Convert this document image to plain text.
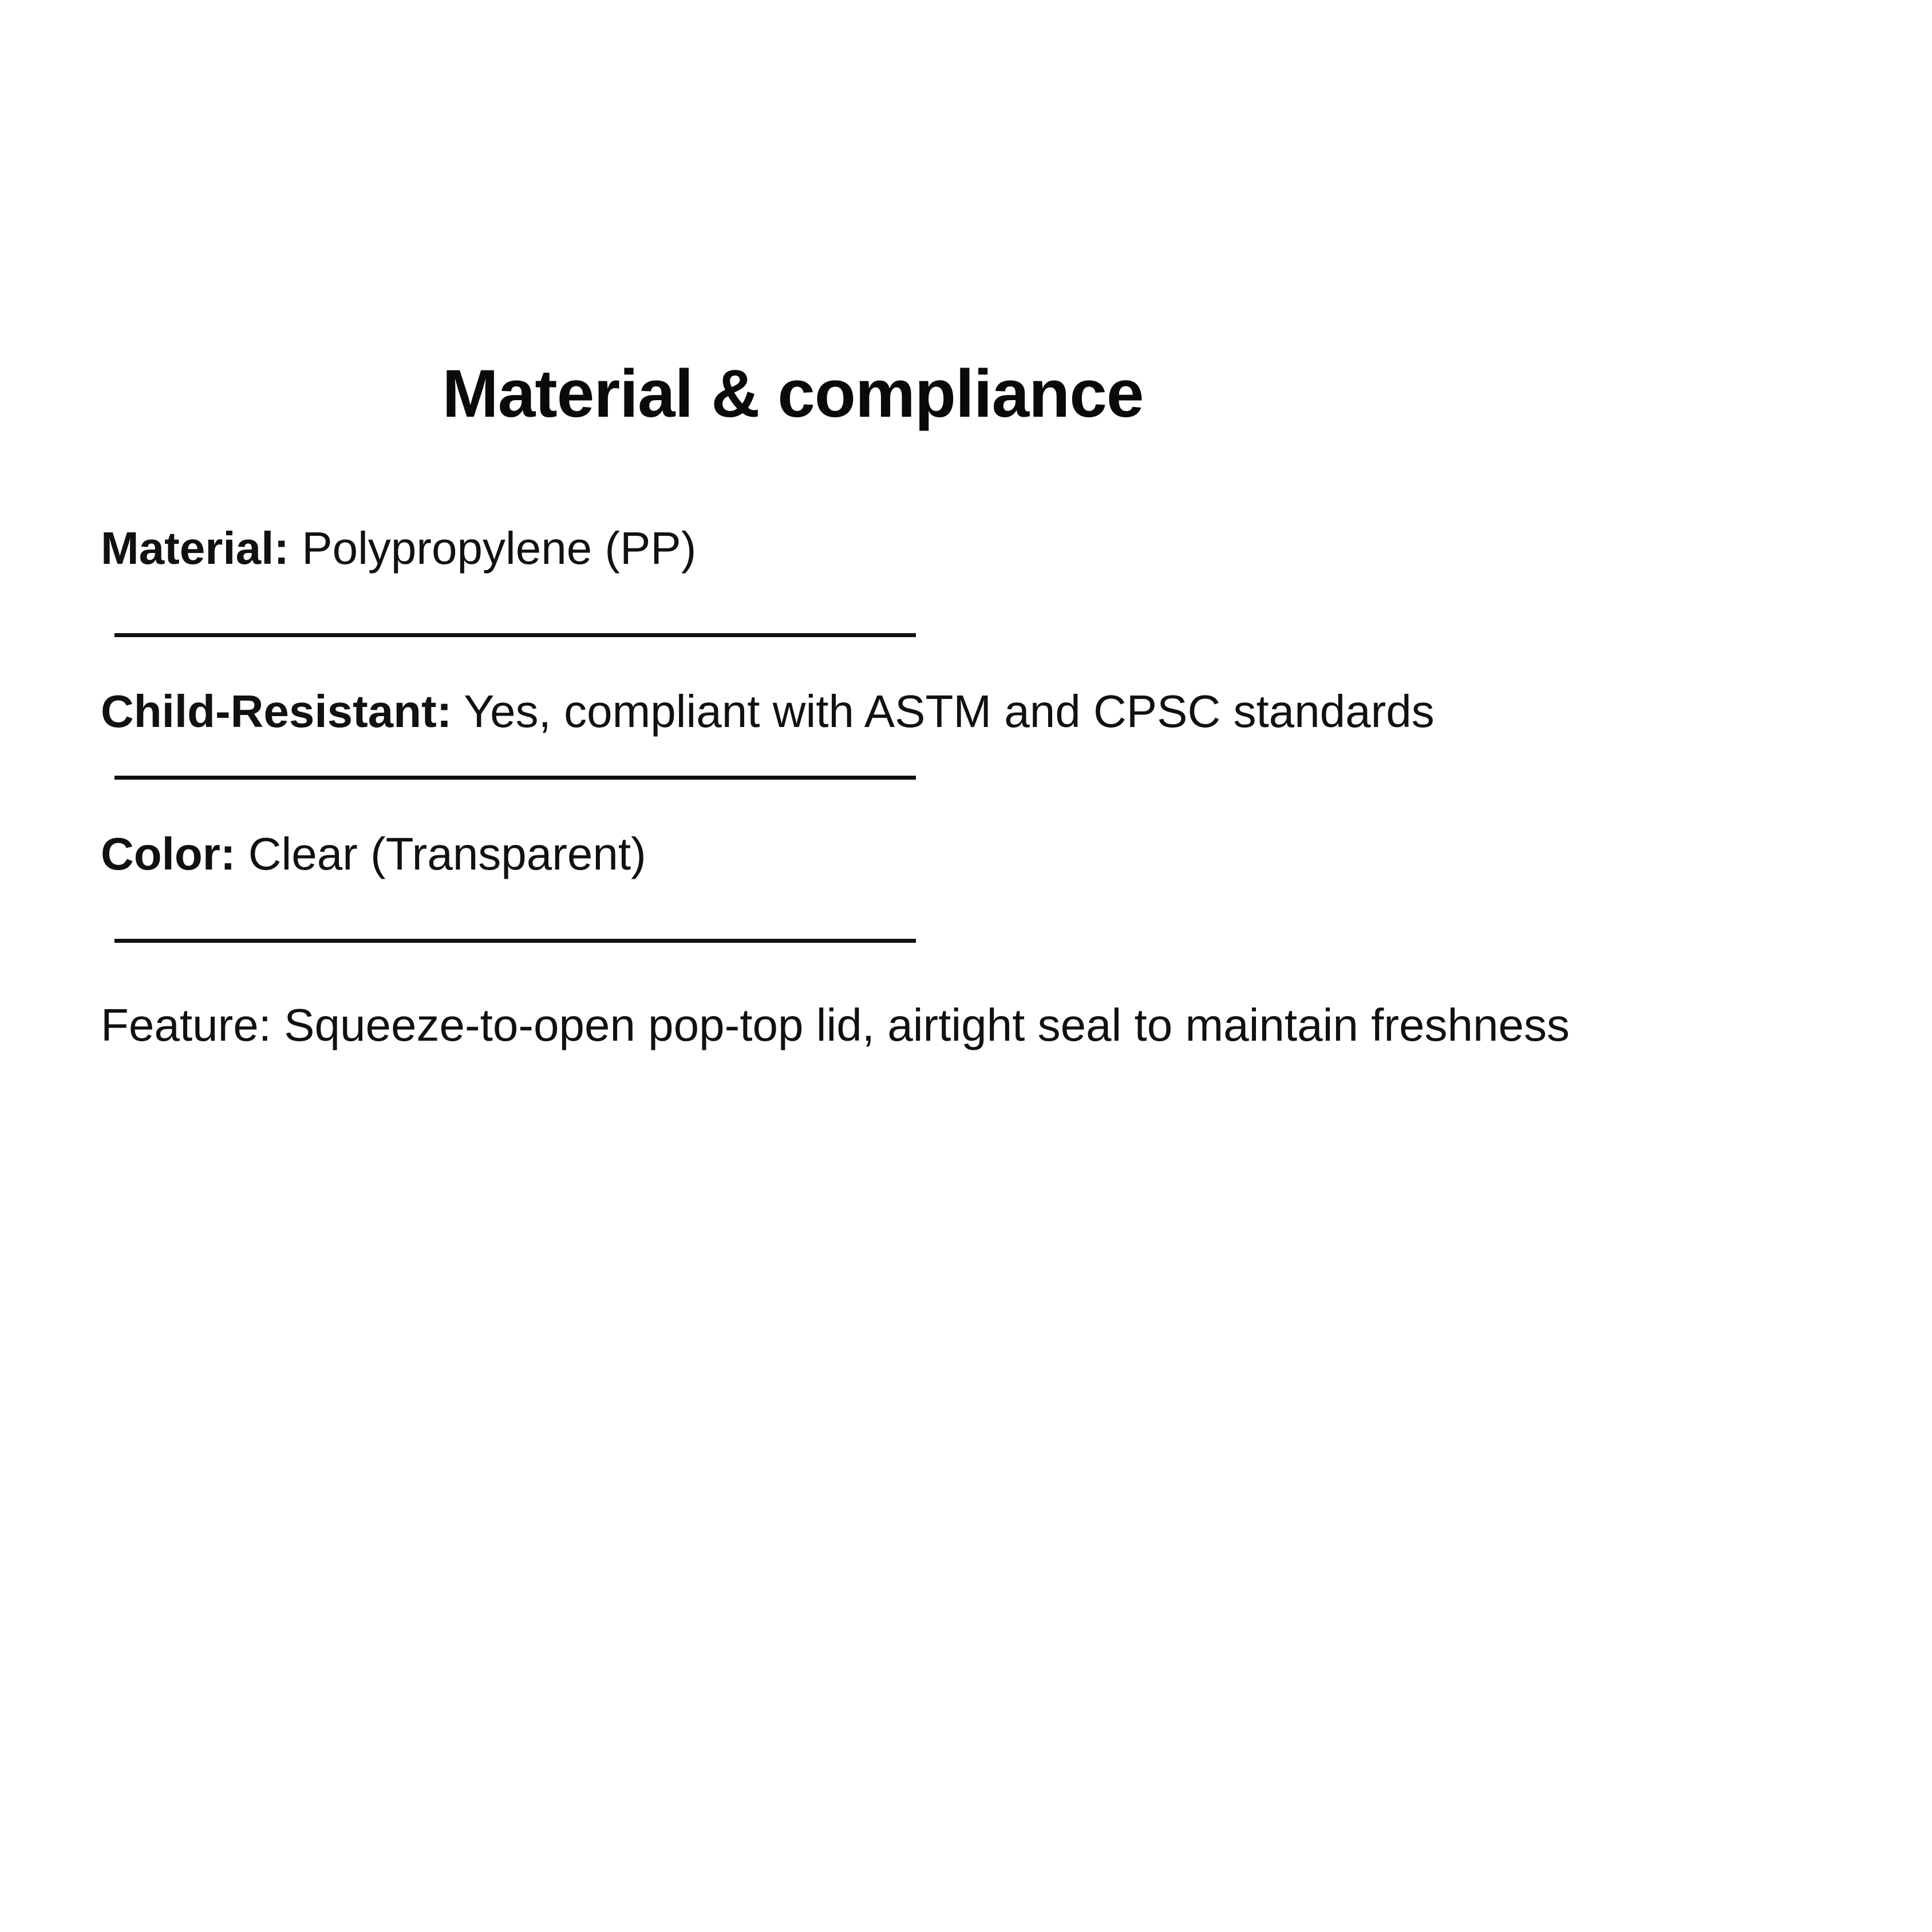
Material & compliance

Material: Polypropylene (PP)

Child-Resistant: Yes, compliant with ASTM and CPSC standards

Color: Clear (Transparent)

Feature: Squeeze-to-open pop-top lid, airtight seal to maintain freshness
